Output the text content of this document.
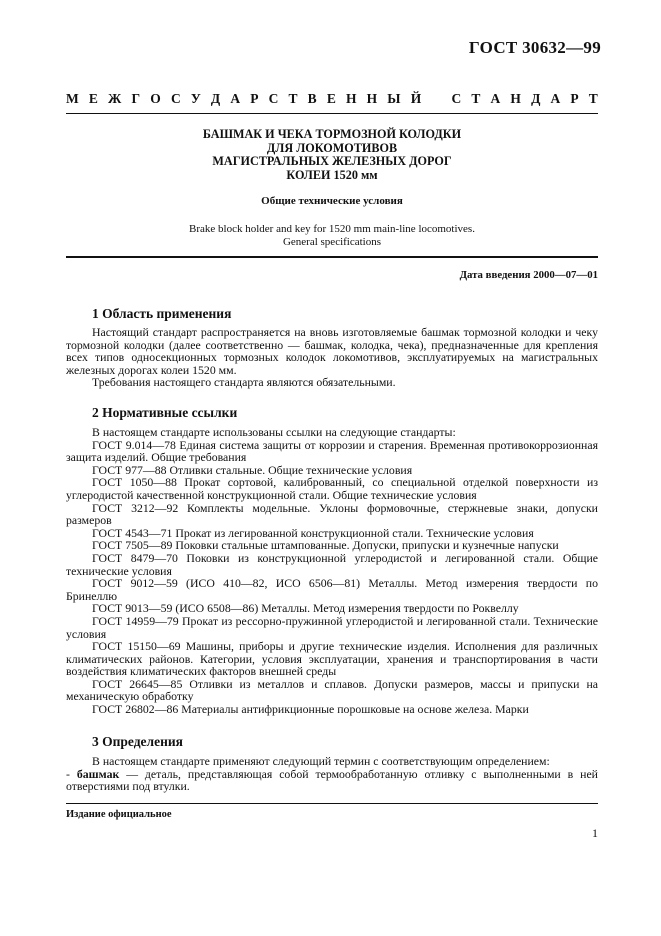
ГОСТ 30632—99
М Е Ж Г О С У Д А Р С Т В Е Н Н Ы Й С Т А Н Д А Р Т
БАШМАК И ЧЕКА ТОРМОЗНОЙ КОЛОДКИ
ДЛЯ ЛОКОМОТИВОВ
МАГИСТРАЛЬНЫХ ЖЕЛЕЗНЫХ ДОРОГ
КОЛЕИ 1520 мм
Общие технические условия
Brake block holder and key for 1520 mm main-line locomotives.
General specifications
Дата введения 2000—07—01
1 Область применения

Настоящий стандарт распространяется на вновь изготовляемые башмак тормозной колодки и чеку тормозной колодки (далее соответственно — башмак, колодка, чека), предназначенные для крепления всех типов односекционных тормозных колодок локомотивов, эксплуатируемых на магистральных железных дорогах колеи 1520 мм.

Требования настоящего стандарта являются обязательными.

2 Нормативные ссылки

В настоящем стандарте использованы ссылки на следующие стандарты:

ГОСТ 9.014—78 Единая система защиты от коррозии и старения. Временная противокоррозионная защита изделий. Общие требования

ГОСТ 977—88 Отливки стальные. Общие технические условия

ГОСТ 1050—88 Прокат сортовой, калиброванный, со специальной отделкой поверхности из углеродистой качественной конструкционной стали. Общие технические условия

ГОСТ 3212—92 Комплекты модельные. Уклоны формовочные, стержневые знаки, допуски размеров

ГОСТ 4543—71 Прокат из легированной конструкционной стали. Технические условия

ГОСТ 7505—89 Поковки стальные штампованные. Допуски, припуски и кузнечные напуски

ГОСТ 8479—70 Поковки из конструкционной углеродистой и легированной стали. Общие технические условия

ГОСТ 9012—59 (ИСО 410—82, ИСО 6506—81) Металлы. Метод измерения твердости по Бринеллю

ГОСТ 9013—59 (ИСО 6508—86) Металлы. Метод измерения твердости по Роквеллу

ГОСТ 14959—79 Прокат из рессорно-пружинной углеродистой и легированной стали. Технические условия

ГОСТ 15150—69 Машины, приборы и другие технические изделия. Исполнения для различных климатических районов. Категории, условия эксплуатации, хранения и транспортирования в части воздействия климатических факторов внешней среды

ГОСТ 26645—85 Отливки из металлов и сплавов. Допуски размеров, массы и припуски на механическую обработку

ГОСТ 26802—86 Материалы антифрикционные порошковые на основе железа. Марки

3 Определения

В настоящем стандарте применяют следующий термин с соответствующим определением:

- башмак — деталь, представляющая собой термообработанную отливку с выполненными в ней отверстиями под втулки.

Издание официальное
1
